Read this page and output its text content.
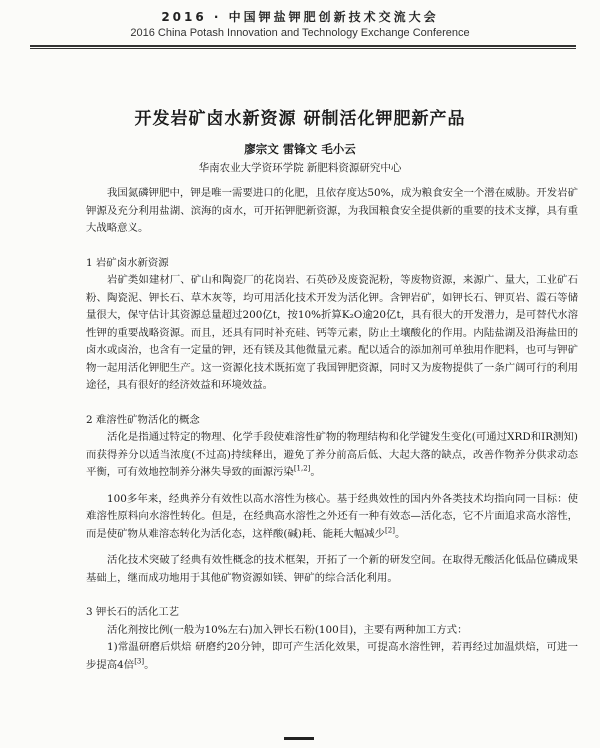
2016 · 中国钾盐钾肥创新技术交流大会
2016 China Potash Innovation and Technology Exchange Conference
开发岩矿卤水新资源 研制活化钾肥新产品
廖宗文 雷锋文 毛小云
华南农业大学资环学院 新肥料资源研究中心

我国氮磷钾肥中，钾是唯一需要进口的化肥，且依存度达50%，成为粮食安全一个潜在威胁。开发岩矿钾源及充分利用盐湖、滨海的卤水，可开拓钾肥新资源，为我国粮食安全提供新的重要的技术支撑，具有重大战略意义。

1 岩矿卤水新资源

岩矿类如建材厂、矿山和陶瓷厂的花岗岩、石英砂及废瓷泥粉，等废物资源，来源广、量大，工业矿石粉、陶瓷泥、钾长石、草木灰等，均可用活化技术开发为活化钾。含钾岩矿，如钾长石、钾页岩、霞石等储量很大，保守估计其资源总量超过200亿t，按10%折算K₂O逾20亿t，具有很大的开发潜力，是可替代水溶性钾的重要战略资源。而且，还具有同时补充硅、钙等元素，防止土壤酸化的作用。内陆盐湖及沿海盐田的卤水或卤治，也含有一定量的钾，还有镁及其他微量元素。配以适合的添加剂可单独用作肥料，也可与钾矿物一起用活化钾肥生产。这一资源化技术既拓宽了我国钾肥资源，同时又为废物提供了一条广阔可行的利用途径，具有很好的经济效益和环境效益。

2 难溶性矿物活化的概念

活化是指通过特定的物理、化学手段使难溶性矿物的物理结构和化学键发生变化(可通过XRD和IR测知)而获得养分以适当浓度(不过高)持续释出，避免了养分前高后低、大起大落的缺点，改善作物养分供求动态平衡，可有效地控制养分淋失导致的面源污染[1,2]。

100多年来，经典养分有效性以高水溶性为核心。基于经典效性的国内外各类技术均指向同一目标：使难溶性原料向水溶性转化。但是，在经典高水溶性之外还有一种有效态—活化态，它不片面追求高水溶性，而是使矿物从难溶态转化为活化态，这样酸(碱)耗、能耗大幅减少[2]。

活化技术突破了经典有效性概念的技术框架，开拓了一个新的研发空间。在取得无酸活化低品位磷成果基础上，继而成功地用于其他矿物资源如镁、钾矿的综合活化利用。

3 钾长石的活化工艺

活化剂按比例(一般为10%左右)加入钾长石粉(100目)，主要有两种加工方式：

1)常温研磨后烘焙 研磨约20分钟，即可产生活化效果，可提高水溶性钾，若再经过加温烘焙，可进一步提高4倍[3]。
